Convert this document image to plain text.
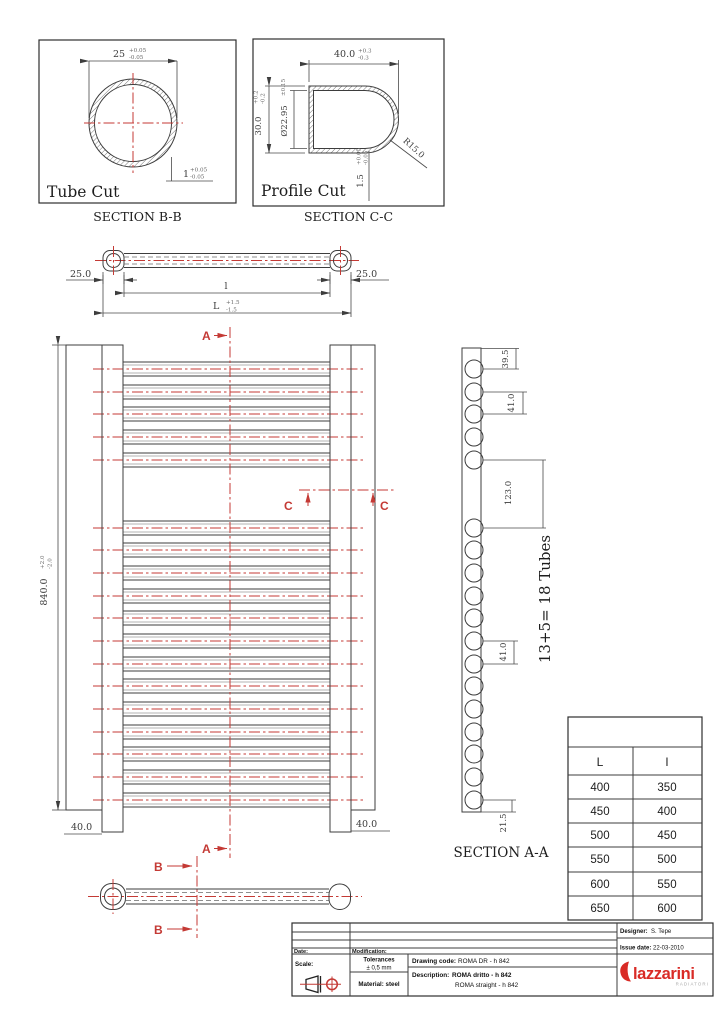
25 +0.05
-0.05
1 +0.05
-0.05
Tube Cut
SECTION B-B
40.0 +0.3
-0.3
30.0
+0.2 -0.2
Ø22.95
±0.15
R15.0
1.5
+0.05 -0.05
Profile Cut
SECTION C-C
25.0	25.0
l
L +1.5
-1.5
A
A
C	C
840.0
+2.0 -2.0
40.0	40.0
39.5
41.0
123.0
41.0
21.5
13+5= 18 Tubes
SECTION A-A
B
B
L	l
400	350
450	400
500	450
550	500
600	550
650	600
Date:	Modification:
Scale:
Tolerances
± 0,5 mm
Material: steel
Drawing code: ROMA DR - h 842
Description: ROMA dritto - h 842
ROMA straight - h 842
Designer: S. Tepe
Issue date: 22-03-2010
lazzarini
RADIATORI
